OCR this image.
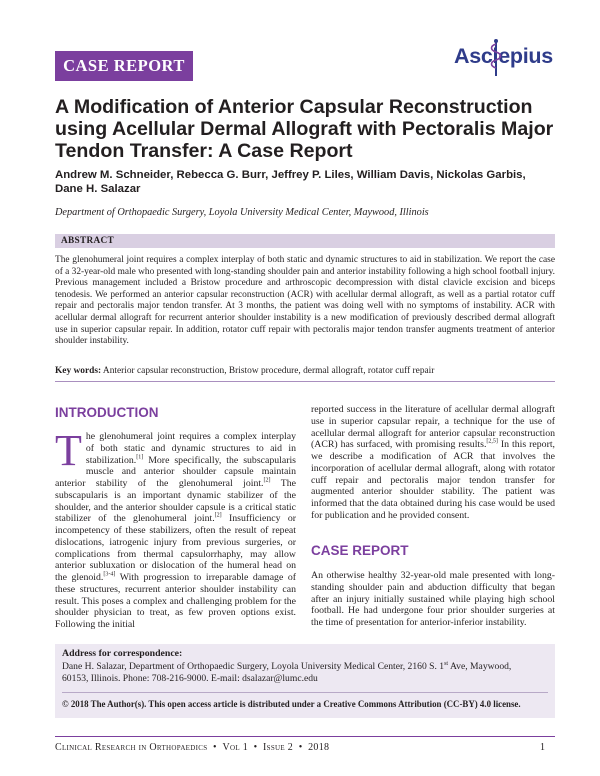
CASE REPORT	Asclepius
A Modification of Anterior Capsular Reconstruction using Acellular Dermal Allograft with Pectoralis Major Tendon Transfer: A Case Report
Andrew M. Schneider, Rebecca G. Burr, Jeffrey P. Liles, William Davis, Nickolas Garbis, Dane H. Salazar
Department of Orthopaedic Surgery, Loyola University Medical Center, Maywood, Illinois
ABSTRACT
The glenohumeral joint requires a complex interplay of both static and dynamic structures to aid in stabilization. We report the case of a 32-year-old male who presented with long-standing shoulder pain and anterior instability following a high school football injury. Previous management included a Bristow procedure and arthroscopic decompression with distal clavicle excision and biceps tenodesis. We performed an anterior capsular reconstruction (ACR) with acellular dermal allograft, as well as a partial rotator cuff repair and pectoralis major tendon transfer. At 3 months, the patient was doing well with no symptoms of instability. ACR with acellular dermal allograft for recurrent anterior shoulder instability is a new modification of previously described dermal allograft use in superior capsular repair. In addition, rotator cuff repair with pectoralis major tendon transfer augments treatment of anterior shoulder instability.
Key words: Anterior capsular reconstruction, Bristow procedure, dermal allograft, rotator cuff repair
INTRODUCTION
T he glenohumeral joint requires a complex interplay of both static and dynamic structures to aid in stabilization.[1] More specifically, the subscapularis muscle and anterior shoulder capsule maintain anterior stability of the glenohumeral joint.[2] The subscapularis is an important dynamic stabilizer of the shoulder, and the anterior shoulder capsule is a critical static stabilizer of the glenohumeral joint.[2] Insufficiency or incompetency of these stabilizers, often the result of repeat dislocations, iatrogenic injury from previous surgeries, or complications from thermal capsulorrhaphy, may allow anterior subluxation or dislocation of the humeral head on the glenoid.[3-4] With progression to irreparable damage of these structures, recurrent anterior shoulder instability can result. This poses a complex and challenging problem for the shoulder physician to treat, as few proven options exist. Following the initial
reported success in the literature of acellular dermal allograft use in superior capsular repair, a technique for the use of acellular dermal allograft for anterior capsular reconstruction (ACR) has surfaced, with promising results.[2,5] In this report, we describe a modification of ACR that involves the incorporation of acellular dermal allograft, along with rotator cuff repair and pectoralis major tendon transfer for augmented anterior shoulder stability. The patient was informed that the data obtained during his case would be used for publication and he provided consent.
CASE REPORT
An otherwise healthy 32-year-old male presented with long-standing shoulder pain and abduction difficulty that began after an injury initially sustained while playing high school football. He had undergone four prior shoulder surgeries at the time of presentation for anterior-inferior instability.
Address for correspondence:
Dane H. Salazar, Department of Orthopaedic Surgery, Loyola University Medical Center, 2160 S. 1st Ave, Maywood,
60153, Illinois. Phone: 708-216-9000. E-mail: dsalazar@lumc.edu
© 2018 The Author(s). This open access article is distributed under a Creative Commons Attribution (CC-BY) 4.0 license.
Clinical Research in Orthopaedics • Vol 1 • Issue 2 • 2018	1
